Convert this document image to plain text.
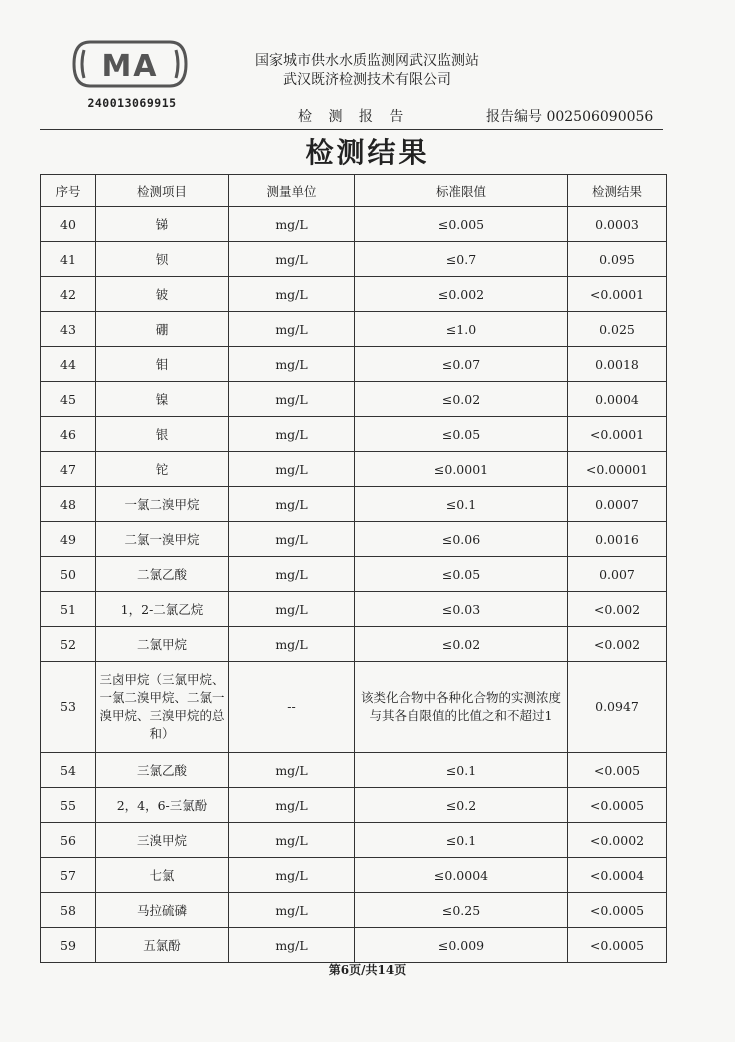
MA
240013069915
国家城市供水水质监测网武汉监测站
武汉既济检测技术有限公司
检 测 报 告	报告编号 002506090056
检测结果
序号	检测项目	测量单位	标准限值	检测结果
40	锑	mg/L	≤0.005	0.0003
41	钡	mg/L	≤0.7	0.095
42	铍	mg/L	≤0.002	<0.0001
43	硼	mg/L	≤1.0	0.025
44	钼	mg/L	≤0.07	0.0018
45	镍	mg/L	≤0.02	0.0004
46	银	mg/L	≤0.05	<0.0001
47	铊	mg/L	≤0.0001	<0.00001
48	一氯二溴甲烷	mg/L	≤0.1	0.0007
49	二氯一溴甲烷	mg/L	≤0.06	0.0016
50	二氯乙酸	mg/L	≤0.05	0.007
51	1，2-二氯乙烷	mg/L	≤0.03	<0.002
52	二氯甲烷	mg/L	≤0.02	<0.002
53	三卤甲烷（三氯甲烷、一氯二溴甲烷、二氯一溴甲烷、三溴甲烷的总和）	--	该类化合物中各种化合物的实测浓度与其各自限值的比值之和不超过1	0.0947
54	三氯乙酸	mg/L	≤0.1	<0.005
55	2，4，6-三氯酚	mg/L	≤0.2	<0.0005
56	三溴甲烷	mg/L	≤0.1	<0.0002
57	七氯	mg/L	≤0.0004	<0.0004
58	马拉硫磷	mg/L	≤0.25	<0.0005
59	五氯酚	mg/L	≤0.009	<0.0005
第6页/共14页
